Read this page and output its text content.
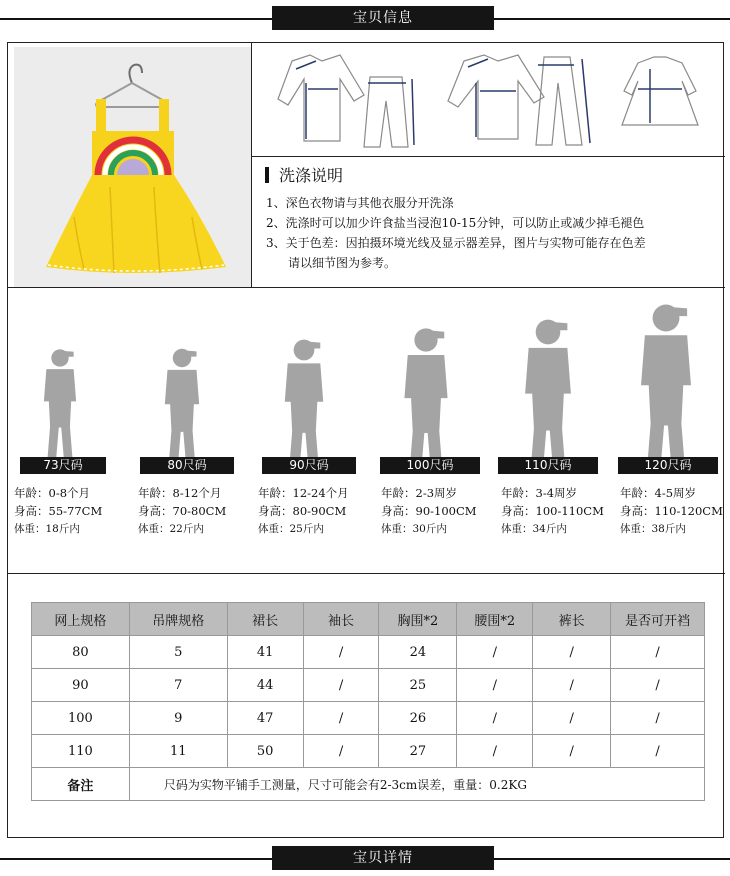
宝贝信息
洗涤说明
1、深色衣物请与其他衣服分开洗涤
2、洗涤时可以加少许食盐当浸泡10-15分钟，可以防止或减少掉毛褪色
3、关于色差：因拍摄环境光线及显示器差异，图片与实物可能存在色差
请以细节图为参考。
73尺码	80尺码	90尺码	100尺码	110尺码	120尺码
年龄：0-8个月
身高：55-77CM
体重：18斤内
年龄：8-12个月
身高：70-80CM
体重：22斤内
年龄：12-24个月
身高：80-90CM
体重：25斤内
年龄：2-3周岁
身高：90-100CM
体重：30斤内
年龄：3-4周岁
身高：100-110CM
体重：34斤内
年龄：4-5周岁
身高：110-120CM
体重：38斤内
网上规格	吊牌规格	裙长	袖长	胸围*2	腰围*2	裤长	是否可开裆
80	5	41	/	24	/	/	/
90	7	44	/	25	/	/	/
100	9	47	/	26	/	/	/
110	11	50	/	27	/	/	/
备注	尺码为实物平铺手工测量，尺寸可能会有2-3cm误差，重量：0.2KG						
宝贝详情
